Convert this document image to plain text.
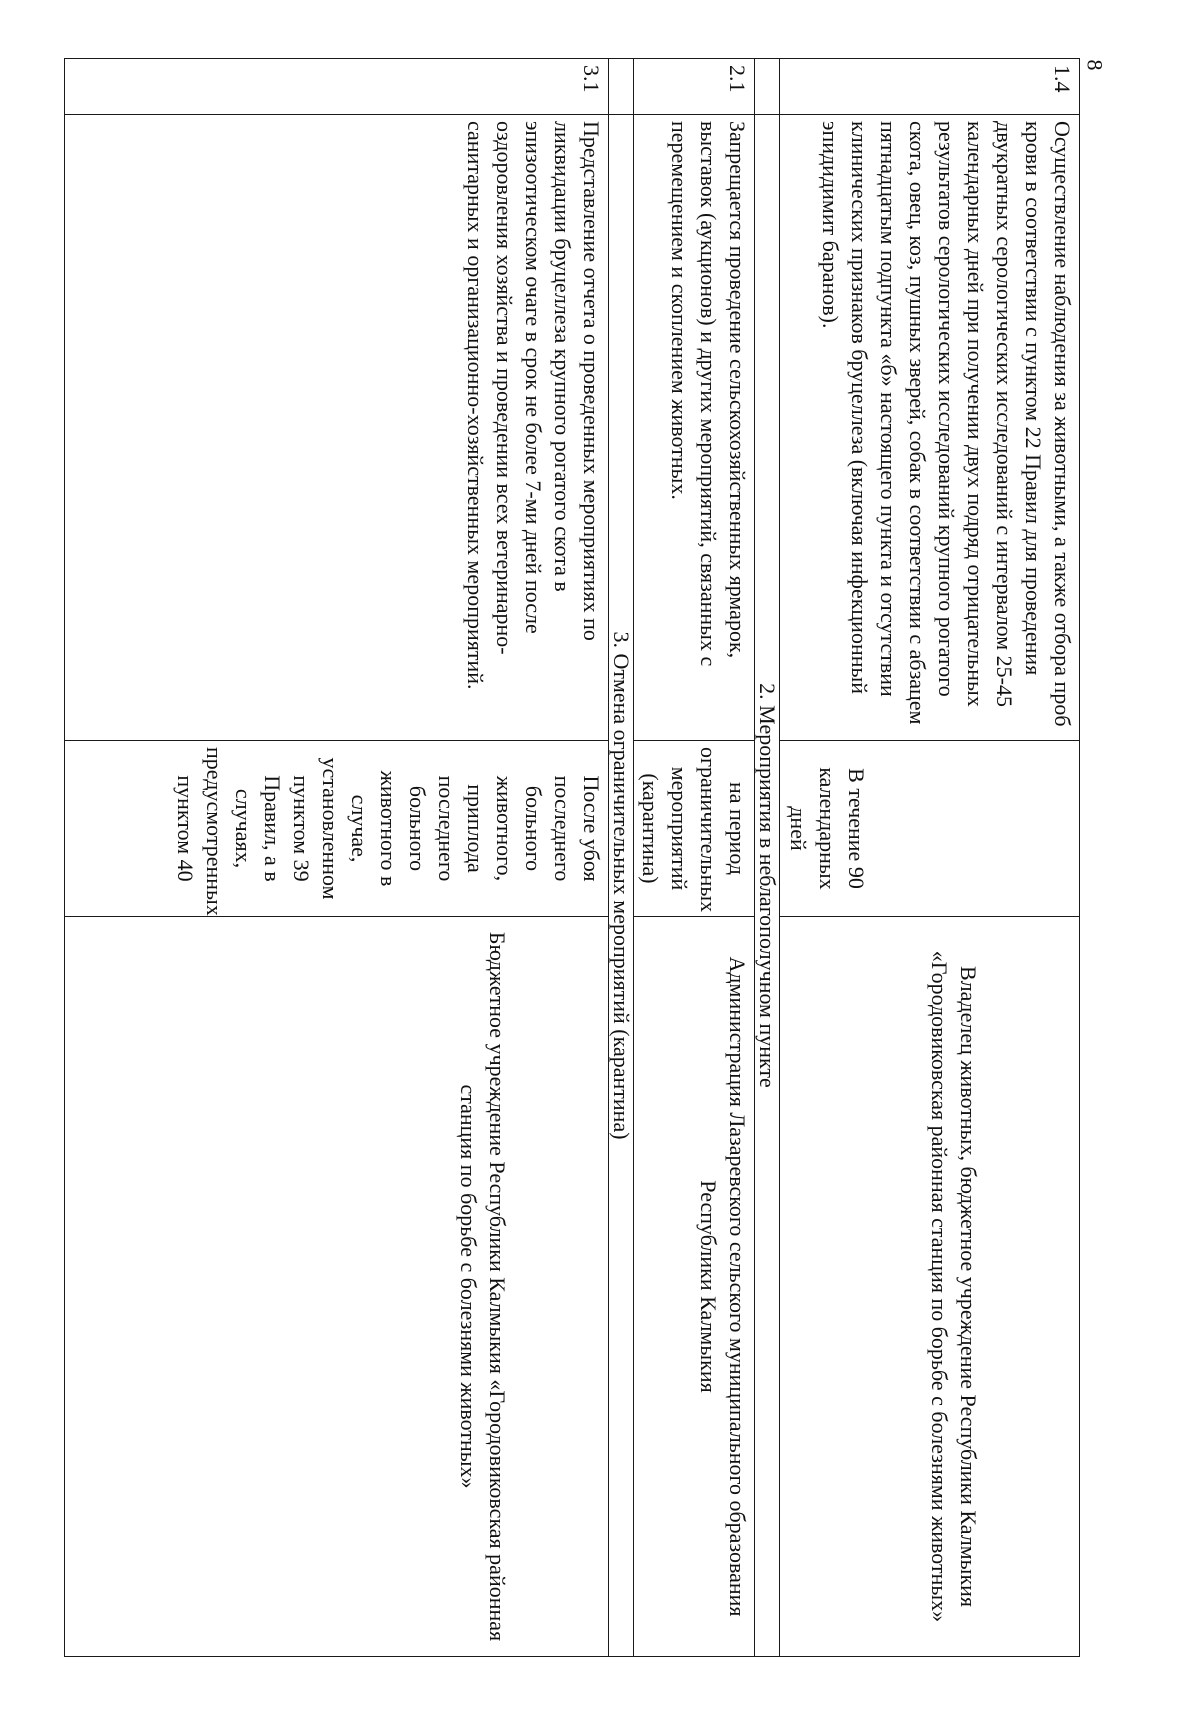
8
1.4	Осуществление наблюдения за животными, а также отбора проб крови в соответствии с пунктом 22 Правил для проведения двукратных серологических исследований с интервалом 25-45 календарных дней при получении двух подряд отрицательных результатов серологических исследований крупного рогатого скота, овец, коз, пушных зверей, собак в соответствии с абзацем пятнадцатым подпункта «б» настоящего пункта и отсутствии клинических признаков бруцеллеза (включая инфекционный эпидидимит баранов).	В течение 90 календарных дней	Владелец животных, бюджетное учреждение Республики Калмыкия «Городовиковская районная станция по борьбе с болезнями животных»
	2. Мероприятия в неблагополучном пункте		
2.1	Запрещается проведение сельскохозяйственных ярмарок, выставок (аукционов) и других мероприятий, связанных с перемещением и скоплением животных.	на период ограничительных мероприятий (карантина)	Администрация Лазаревского сельского муниципального образования Республики Калмыкия
	3. Отмена ограничительных мероприятий (карантина)		
3.1	Представление отчета о проведенных мероприятиях по ликвидации бруцеллеза крупного рогатого скота в эпизоотическом очаге в срок не более 7-ми дней после оздоровления хозяйства и проведении всех ветеринарно-санитарных и организационно-хозяйственных мероприятий.	После убоя последнего больного животного, приплода последнего больного животного в случае, установленном пунктом 39 Правил, а в случаях, предусмотренных пунктом 40	Бюджетное учреждение Республики Калмыкия «Городовиковская районная станция по борьбе с болезнями животных»
